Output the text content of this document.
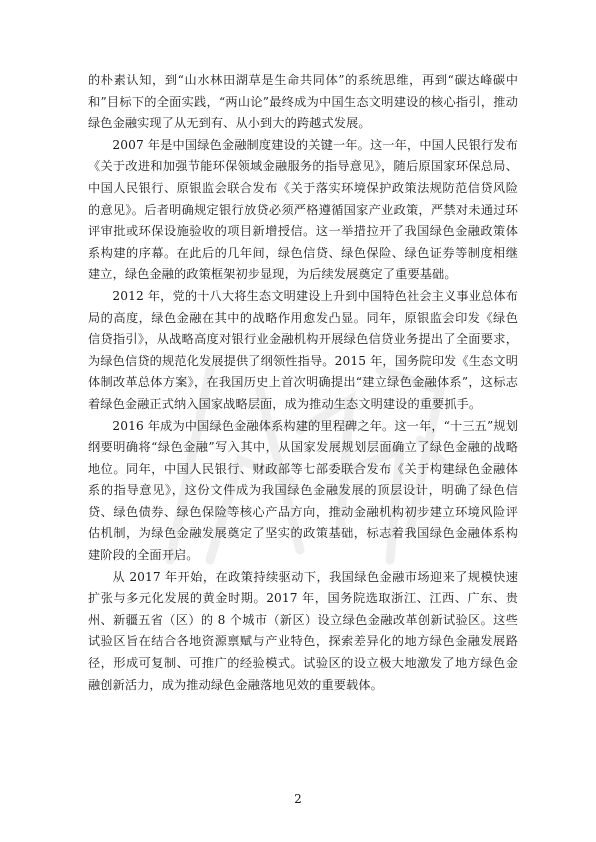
的朴素认知，到“山水林田湖草是生命共同体”的系统思维，再到“碳达峰碳中和”目标下的全面实践，“两山论”最终成为中国生态文明建设的核心指引，推动绿色金融实现了从无到有、从小到大的跨越式发展。

2007 年是中国绿色金融制度建设的关键一年。这一年，中国人民银行发布《关于改进和加强节能环保领域金融服务的指导意见》，随后原国家环保总局、中国人民银行、原银监会联合发布《关于落实环境保护政策法规防范信贷风险的意见》。后者明确规定银行放贷必须严格遵循国家产业政策，严禁对未通过环评审批或环保设施验收的项目新增授信。这一举措拉开了我国绿色金融政策体系构建的序幕。在此后的几年间，绿色信贷、绿色保险、绿色证券等制度相继建立，绿色金融的政策框架初步显现，为后续发展奠定了重要基础。

2012 年，党的十八大将生态文明建设上升到中国特色社会主义事业总体布局的高度，绿色金融在其中的战略作用愈发凸显。同年，原银监会印发《绿色信贷指引》，从战略高度对银行业金融机构开展绿色信贷业务提出了全面要求，为绿色信贷的规范化发展提供了纲领性指导。2015 年，国务院印发《生态文明体制改革总体方案》，在我国历史上首次明确提出“建立绿色金融体系”，这标志着绿色金融正式纳入国家战略层面，成为推动生态文明建设的重要抓手。

2016 年成为中国绿色金融体系构建的里程碑之年。这一年，“十三五”规划纲要明确将“绿色金融”写入其中，从国家发展规划层面确立了绿色金融的战略地位。同年，中国人民银行、财政部等七部委联合发布《关于构建绿色金融体系的指导意见》，这份文件成为我国绿色金融发展的顶层设计，明确了绿色信贷、绿色债券、绿色保险等核心产品方向，推动金融机构初步建立环境风险评估机制，为绿色金融发展奠定了坚实的政策基础，标志着我国绿色金融体系构建阶段的全面开启。

从 2017 年开始，在政策持续驱动下，我国绿色金融市场迎来了规模快速扩张与多元化发展的黄金时期。2017 年，国务院选取浙江、江西、广东、贵州、新疆五省（区）的 8 个城市（新区）设立绿色金融改革创新试验区。这些试验区旨在结合各地资源禀赋与产业特色，探索差异化的地方绿色金融发展路径，形成可复制、可推广的经验模式。试验区的设立极大地激发了地方绿色金融创新活力，成为推动绿色金融落地见效的重要载体。

2
